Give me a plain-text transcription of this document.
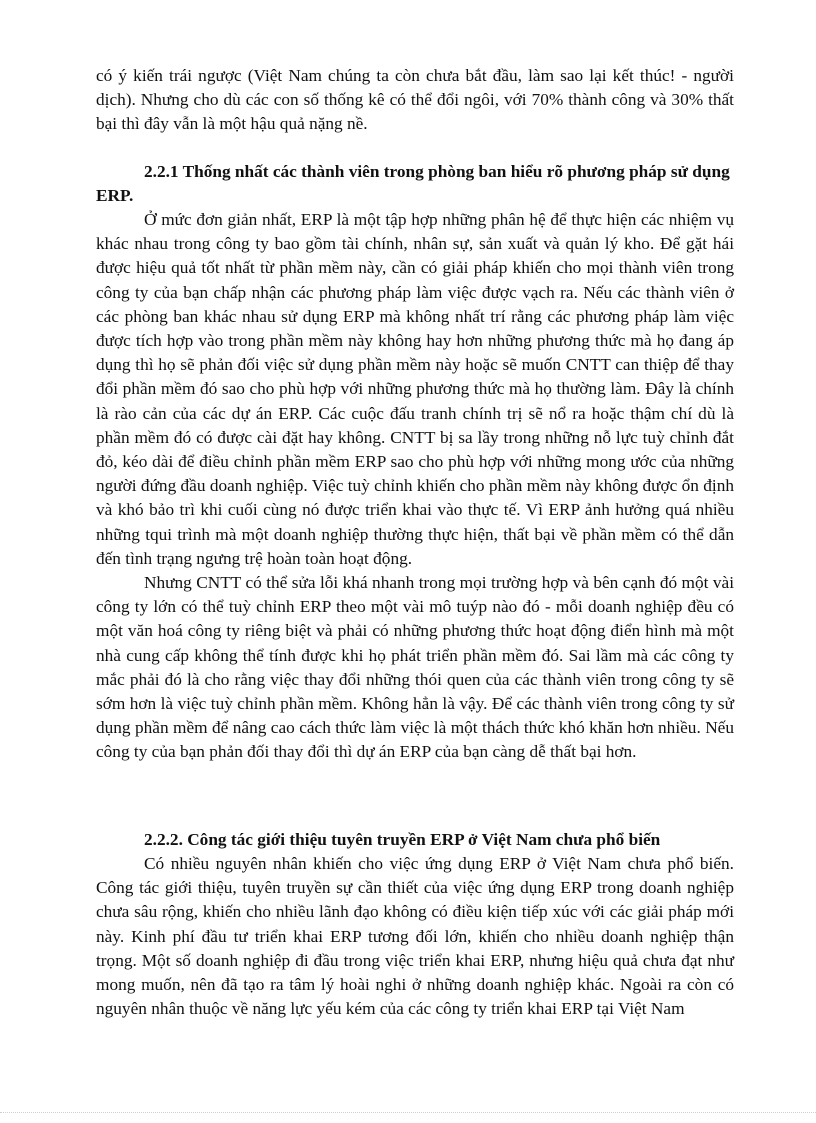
có ý kiến trái ngược (Việt Nam chúng ta còn chưa bắt đầu, làm sao lại kết thúc! - người dịch). Nhưng cho dù các con số thống kê có thể đổi ngôi, với 70% thành công và 30% thất bại thì đây vẫn là một hậu quả nặng nề.

2.2.1 Thống nhất các thành viên trong phòng ban hiểu rõ phương pháp sử dụng ERP.

Ở mức đơn giản nhất, ERP là một tập hợp những phân hệ để thực hiện các nhiệm vụ khác nhau trong công ty bao gồm tài chính, nhân sự, sản xuất và quản lý kho. Để gặt hái được hiệu quả tốt nhất từ phần mềm này, cần có giải pháp khiến cho mọi thành viên trong công ty của bạn chấp nhận các phương pháp làm việc được vạch ra. Nếu các thành viên ở các phòng ban khác nhau sử dụng ERP mà không nhất trí rằng các phương pháp làm việc được tích hợp vào trong phần mềm này không hay hơn những phương thức mà họ đang áp dụng thì họ sẽ phản đối việc sử dụng phần mềm này hoặc sẽ muốn CNTT can thiệp để thay đổi phần mềm đó sao cho phù hợp với những phương thức mà họ thường làm. Đây là chính là rào cản của các dự án ERP. Các cuộc đấu tranh chính trị sẽ nổ ra hoặc thậm chí dù là phần mềm đó có được cài đặt hay không. CNTT bị sa lầy trong những nỗ lực tuỳ chỉnh đắt đỏ, kéo dài để điều chỉnh phần mềm ERP sao cho phù hợp với những mong ước của những người đứng đầu doanh nghiệp. Việc tuỳ chỉnh khiến cho phần mềm này không được ổn định và khó bảo trì khi cuối cùng nó được triển khai vào thực tế. Vì ERP ảnh hưởng quá nhiều những tqui trình mà một doanh nghiệp thường thực hiện, thất bại về phần mềm có thể dẫn đến tình trạng ngưng trệ hoàn toàn hoạt động.

Nhưng CNTT có thể sửa lỗi khá nhanh trong mọi trường hợp và bên cạnh đó một vài công ty lớn có thể tuỳ chỉnh ERP theo một vài mô tuýp nào đó - mỗi doanh nghiệp đều có một văn hoá công ty riêng biệt và phải có những phương thức hoạt động điển hình mà một nhà cung cấp không thể tính được khi họ phát triển phần mềm đó. Sai lầm mà các công ty mắc phải đó là cho rằng việc thay đổi những thói quen của các thành viên trong công ty sẽ sớm hơn là việc tuỳ chỉnh phần mềm. Không hẳn là vậy. Để các thành viên trong công ty sử dụng phần mềm để nâng cao cách thức làm việc là một thách thức khó khăn hơn nhiều. Nếu công ty của bạn phản đối thay đổi thì dự án ERP của bạn càng dễ thất bại hơn.

2.2.2. Công tác giới thiệu tuyên truyền ERP ở Việt Nam chưa phổ biến

Có nhiều nguyên nhân khiến cho việc ứng dụng ERP ở Việt Nam chưa phổ biến. Công tác giới thiệu, tuyên truyền sự cần thiết của việc ứng dụng ERP trong doanh nghiệp chưa sâu rộng, khiến cho nhiều lãnh đạo không có điều kiện tiếp xúc với các giải pháp mới này. Kinh phí đầu tư triển khai ERP tương đối lớn, khiến cho nhiều doanh nghiệp thận trọng. Một số doanh nghiệp đi đầu trong việc triển khai ERP, nhưng hiệu quả chưa đạt như mong muốn, nên đã tạo ra tâm lý hoài nghi ở những doanh nghiệp khác. Ngoài ra còn có nguyên nhân thuộc về năng lực yếu kém của các công ty triển khai ERP tại Việt Nam
